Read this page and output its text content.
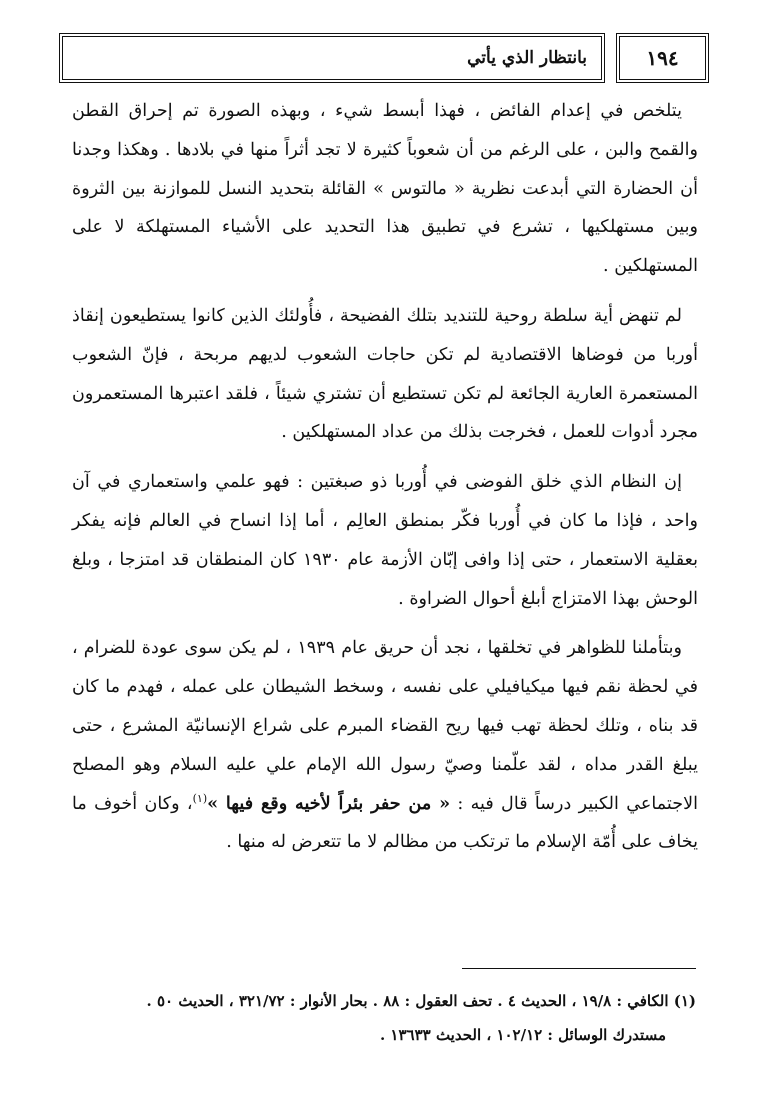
بانتظار الذي يأتي	١٩٤

يتلخص في إعدام الفائض ، فهذا أبسط شيء ، وبهذه الصورة تم إحراق القطن والقمح والبن ، على الرغم من أن شعوباً كثيرة لا تجد أثراً منها في بلادها . وهكذا وجدنا أن الحضارة التي أبدعت نظرية « مالتوس » القائلة بتحديد النسل للموازنة بين الثروة وبين مستهلكيها ، تشرع في تطبيق هذا التحديد على الأشياء المستهلكة لا على المستهلكين .

لم تنهض أية سلطة روحية للتنديد بتلك الفضيحة ، فأُولئك الذين كانوا يستطيعون إنقاذ أوربا من فوضاها الاقتصادية لم تكن حاجات الشعوب لديهم مربحة ، فإنّ الشعوب المستعمرة العارية الجائعة لم تكن تستطيع أن تشتري شيئاً ، فلقد اعتبرها المستعمرون مجرد أدوات للعمل ، فخرجت بذلك من عداد المستهلكين .

إن النظام الذي خلق الفوضى في أُوربا ذو صبغتين : فهو علمي واستعماري في آن واحد ، فإذا ما كان في أُوربا فكّر بمنطق العالِم ، أما إذا انساح في العالم فإنه يفكر بعقلية الاستعمار ، حتى إذا وافى إبّان الأزمة عام ١٩٣٠ كان المنطقان قد امتزجا ، وبلغ الوحش بهذا الامتزاج أبلغ أحوال الضراوة .

وبتأملنا للظواهر في تخلقها ، نجد أن حريق عام ١٩٣٩ ، لم يكن سوى عودة للضرام ، في لحظة نقم فيها ميكيافيلي على نفسه ، وسخط الشيطان على عمله ، فهدم ما كان قد بناه ، وتلك لحظة تهب فيها ريح القضاء المبرم على شراع الإنسانيّة المشرع ، حتى يبلغ القدر مداه ، لقد علّمنا وصيّ رسول الله الإمام علي عليه السلام وهو المصلح الاجتماعي الكبير درساً قال فيه : « من حفر بئراً لأخيه وقع فيها »$^{(١)}$، وكان أخوف ما يخاف على أُمّة الإسلام ما ترتكب من مظالم لا ما تتعرض له منها .

(١) الكافي : ١٩/٨ ، الحديث ٤ . تحف العقول : ٨٨ . بحار الأنوار : ٣٢١/٧٢ ، الحديث ٥٠ .
مستدرك الوسائل : ١٠٢/١٢ ، الحديث ١٣٦٣٣ .
